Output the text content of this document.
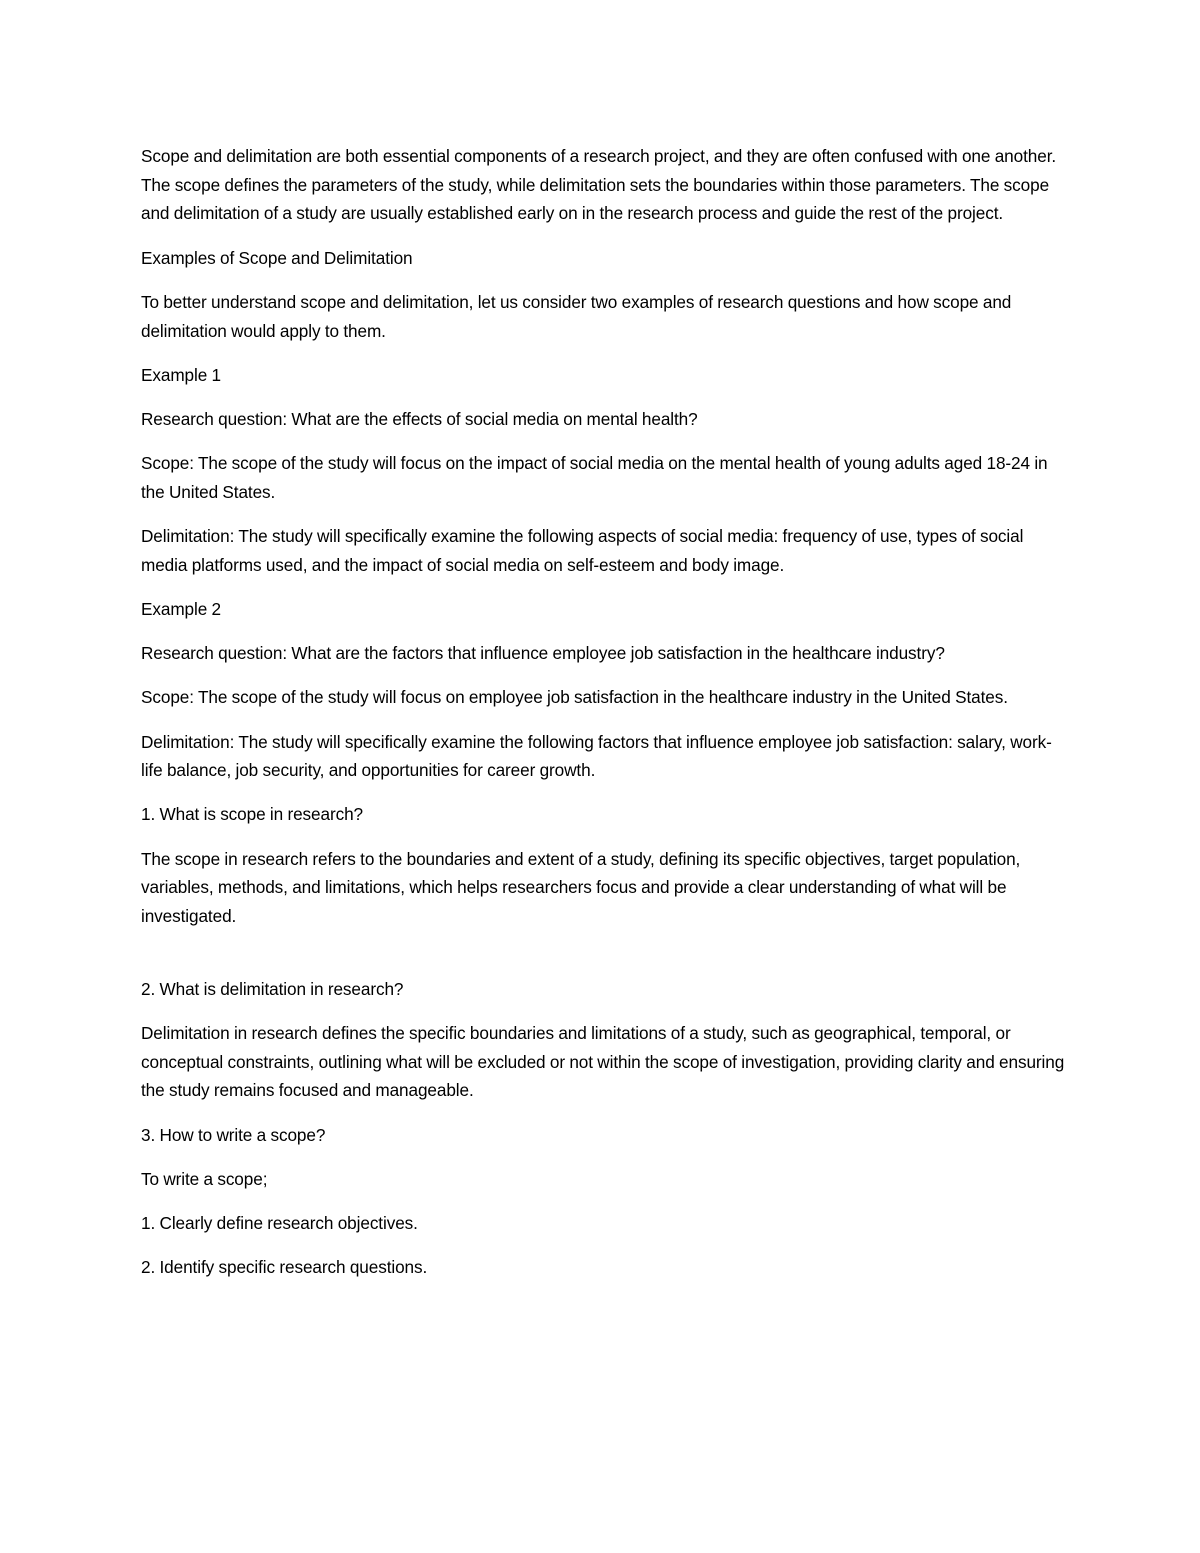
Scope and delimitation are both essential components of a research project, and they are often confused with one another. The scope defines the parameters of the study, while delimitation sets the boundaries within those parameters. The scope and delimitation of a study are usually established early on in the research process and guide the rest of the project.

Examples of Scope and Delimitation

To better understand scope and delimitation, let us consider two examples of research questions and how scope and delimitation would apply to them.

Example 1

Research question: What are the effects of social media on mental health?

Scope: The scope of the study will focus on the impact of social media on the mental health of young adults aged 18-24 in the United States.

Delimitation: The study will specifically examine the following aspects of social media: frequency of use, types of social media platforms used, and the impact of social media on self-esteem and body image.

Example 2

Research question: What are the factors that influence employee job satisfaction in the healthcare industry?

Scope: The scope of the study will focus on employee job satisfaction in the healthcare industry in the United States.

Delimitation: The study will specifically examine the following factors that influence employee job satisfaction: salary, work-life balance, job security, and opportunities for career growth.

1. What is scope in research?

The scope in research refers to the boundaries and extent of a study, defining its specific objectives, target population, variables, methods, and limitations, which helps researchers focus and provide a clear understanding of what will be investigated.

2. What is delimitation in research?

Delimitation in research defines the specific boundaries and limitations of a study, such as geographical, temporal, or conceptual constraints, outlining what will be excluded or not within the scope of investigation, providing clarity and ensuring the study remains focused and manageable.

3. How to write a scope?

To write a scope;

1. Clearly define research objectives.

2. Identify specific research questions.
